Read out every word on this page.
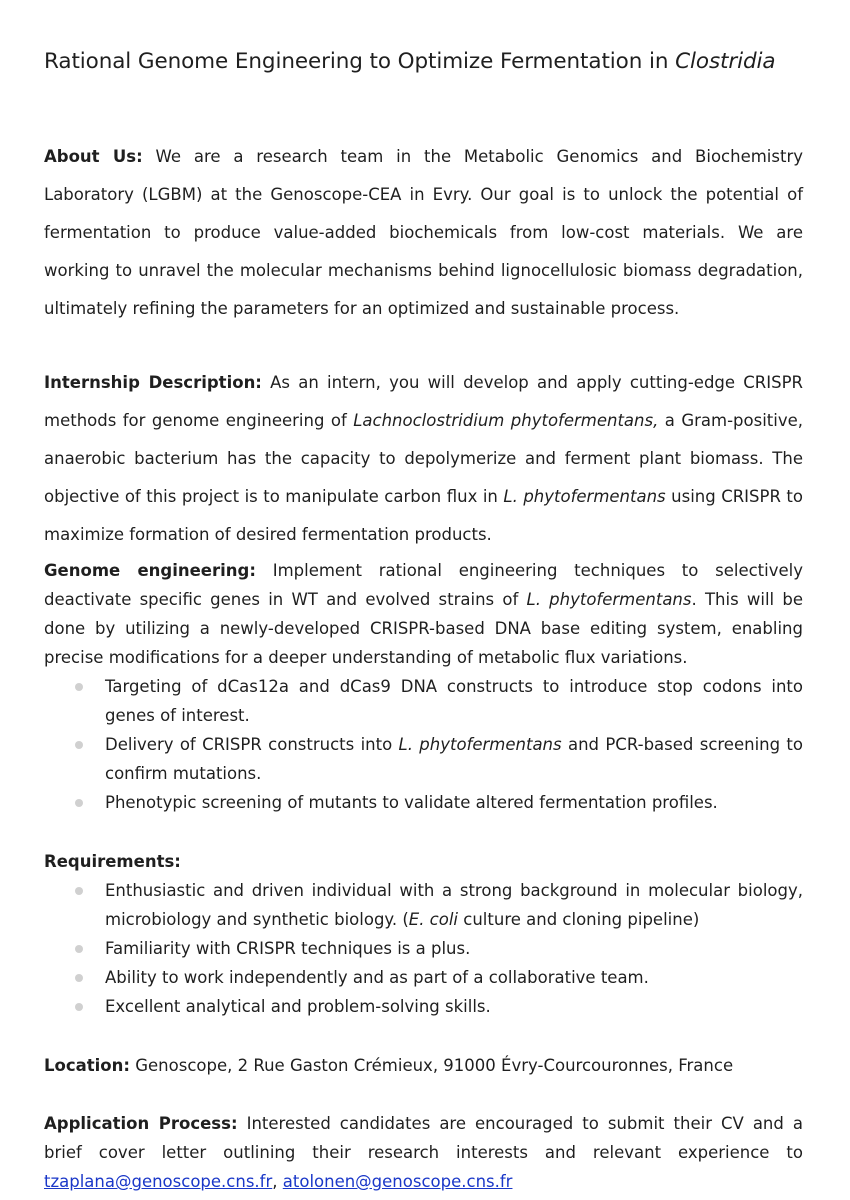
Rational Genome Engineering to Optimize Fermentation in Clostridia

About Us: We are a research team in the Metabolic Genomics and Biochemistry Laboratory (LGBM) at the Genoscope-CEA in Evry. Our goal is to unlock the potential of fermentation to produce value-added biochemicals from low-cost materials. We are working to unravel the molecular mechanisms behind lignocellulosic biomass degradation, ultimately refining the parameters for an optimized and sustainable process.

Internship Description: As an intern, you will develop and apply cutting-edge CRISPR methods for genome engineering of Lachnoclostridium phytofermentans, a Gram-positive, anaerobic bacterium has the capacity to depolymerize and ferment plant biomass. The objective of this project is to manipulate carbon flux in L. phytofermentans using CRISPR to maximize formation of desired fermentation products.

Genome engineering: Implement rational engineering techniques to selectively deactivate specific genes in WT and evolved strains of L. phytofermentans. This will be done by utilizing a newly-developed CRISPR-based DNA base editing system, enabling precise modifications for a deeper understanding of metabolic flux variations.

Targeting of dCas12a and dCas9 DNA constructs to introduce stop codons into genes of interest.
Delivery of CRISPR constructs into L. phytofermentans and PCR-based screening to confirm mutations.
Phenotypic screening of mutants to validate altered fermentation profiles.

Requirements:

Enthusiastic and driven individual with a strong background in molecular biology, microbiology and synthetic biology. (E. coli culture and cloning pipeline)
Familiarity with CRISPR techniques is a plus.
Ability to work independently and as part of a collaborative team.
Excellent analytical and problem-solving skills.

Location: Genoscope, 2 Rue Gaston Crémieux, 91000 Évry-Courcouronnes, France

Application Process: Interested candidates are encouraged to submit their CV and a brief cover letter outlining their research interests and relevant experience to tzaplana@genoscope.cns.fr, atolonen@genoscope.cns.fr
